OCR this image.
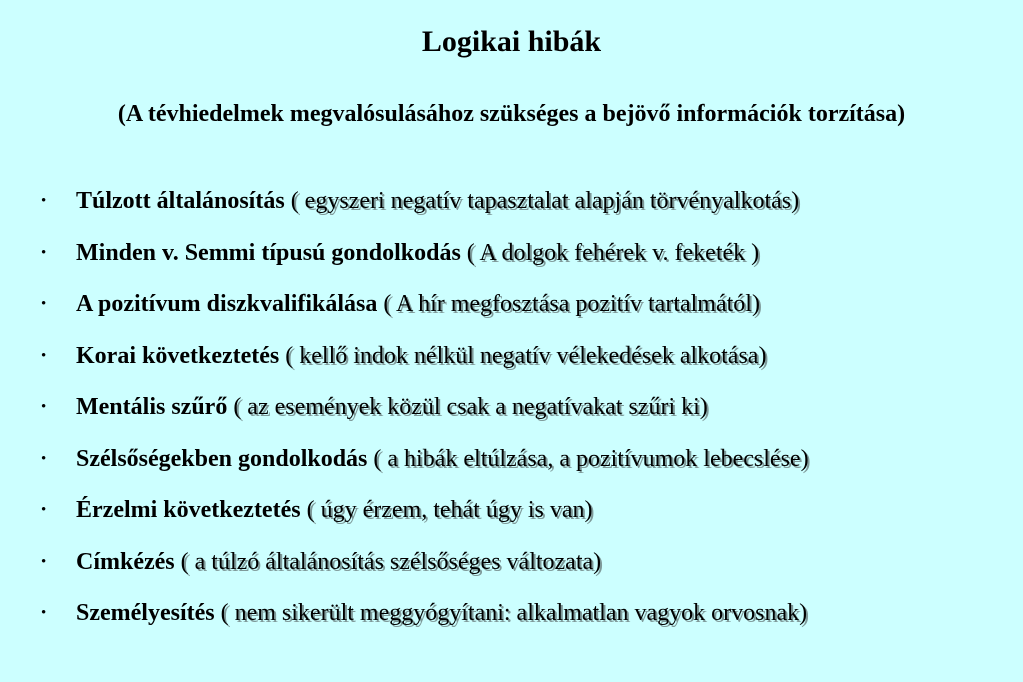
Logikai hibák
(A tévhiedelmek megvalósulásához szükséges a bejövő információk torzítása)
• Túlzott általánosítás ( egyszeri negatív tapasztalat alapján törvényalkotás)
• Minden v. Semmi típusú gondolkodás ( A dolgok fehérek v. feketék )
• A pozitívum diszkvalifikálása ( A hír megfosztása pozitív tartalmától)
• Korai következtetés ( kellő indok nélkül negatív vélekedések alkotása)
• Mentális szűrő ( az események közül csak a negatívakat szűri ki)
• Szélsőségekben gondolkodás ( a hibák eltúlzása, a pozitívumok lebecslése)
• Érzelmi következtetés ( úgy érzem, tehát úgy is van)
• Címkézés ( a túlzó általánosítás szélsőséges változata)
• Személyesítés ( nem sikerült meggyógyítani: alkalmatlan vagyok orvosnak)
